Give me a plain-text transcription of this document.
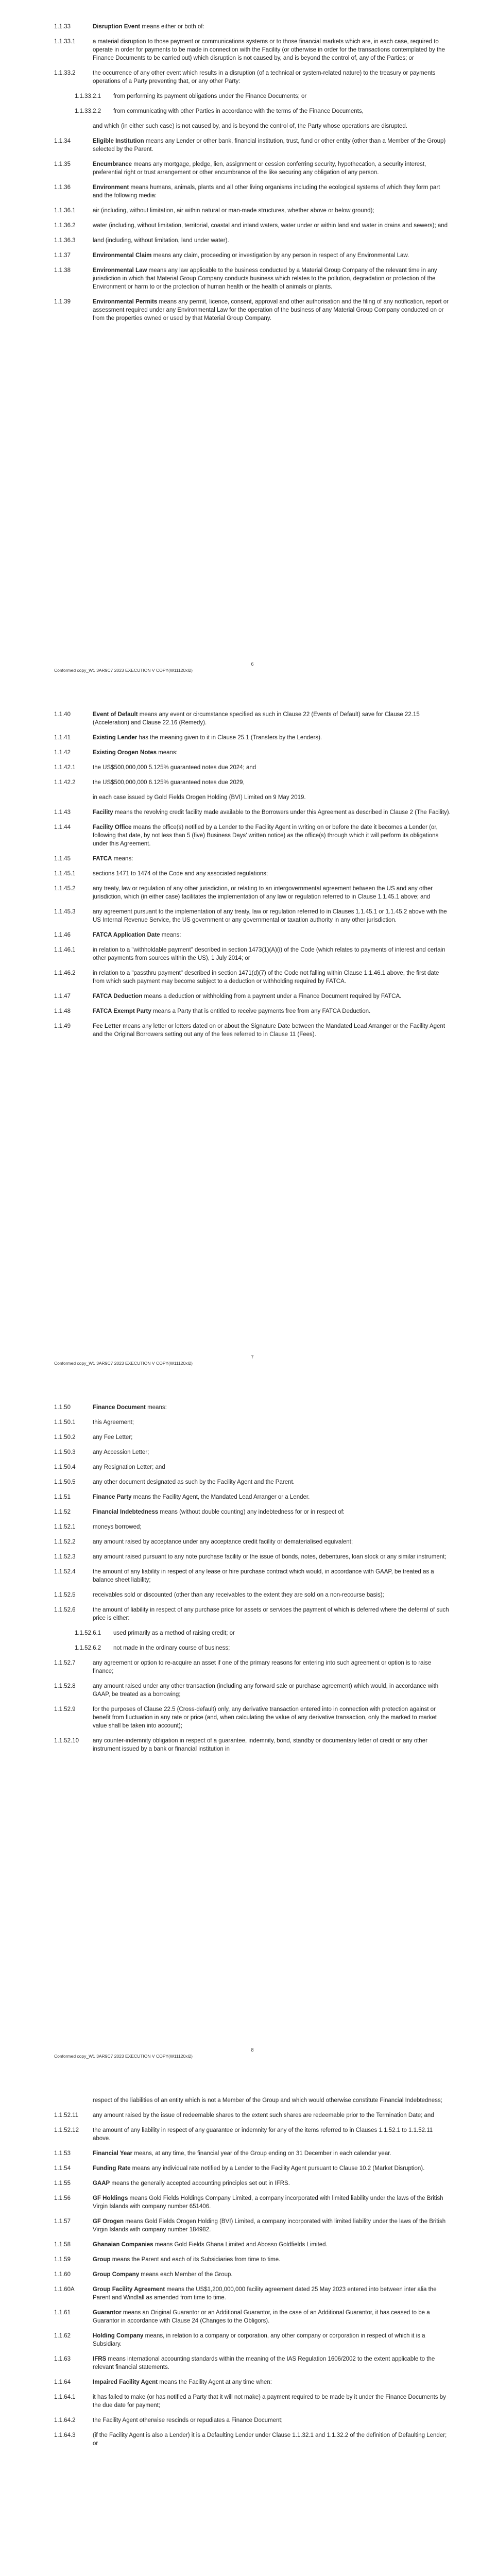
1.1.33	Disruption Event means either or both of:
1.1.33.1	a material disruption to those payment or communications systems or to those financial markets which are, in each case, required to operate in order for payments to be made in connection with the Facility (or otherwise in order for the transactions contemplated by the Finance Documents to be carried out) which disruption is not caused by, and is beyond the control of, any of the Parties; or
1.1.33.2	the occurrence of any other event which results in a disruption (of a technical or system-related nature) to the treasury or payments operations of a Party preventing that, or any other Party:
1.1.33.2.1	from performing its payment obligations under the Finance Documents; or
1.1.33.2.2	from communicating with other Parties in accordance with the terms of the Finance Documents,
and which (in either such case) is not caused by, and is beyond the control of, the Party whose operations are disrupted.
1.1.34	Eligible Institution means any Lender or other bank, financial institution, trust, fund or other entity (other than a Member of the Group) selected by the Parent.
1.1.35	Encumbrance means any mortgage, pledge, lien, assignment or cession conferring security, hypothecation, a security interest, preferential right or trust arrangement or other encumbrance of the like securing any obligation of any person.
1.1.36	Environment means humans, animals, plants and all other living organisms including the ecological systems of which they form part and the following media:
1.1.36.1	air (including, without limitation, air within natural or man-made structures, whether above or below ground);
1.1.36.2	water (including, without limitation, territorial, coastal and inland waters, water under or within land and water in drains and sewers); and
1.1.36.3	land (including, without limitation, land under water).
1.1.37	Environmental Claim means any claim, proceeding or investigation by any person in respect of any Environmental Law.
1.1.38	Environmental Law means any law applicable to the business conducted by a Material Group Company of the relevant time in any jurisdiction in which that Material Group Company conducts business which relates to the pollution, degradation or protection of the Environment or harm to or the protection of human health or the health of animals or plants.
1.1.39	Environmental Permits means any permit, licence, consent, approval and other authorisation and the filing of any notification, report or assessment required under any Environmental Law for the operation of the business of any Material Group Company conducted on or from the properties owned or used by that Material Group Company.
6
Conformed copy_W1 3AR9C7 2023 EXECUTION V COPY(W11120xl2)
1.1.40	Event of Default means any event or circumstance specified as such in Clause 22 (Events of Default) save for Clause 22.15 (Acceleration) and Clause 22.16 (Remedy).
1.1.41	Existing Lender has the meaning given to it in Clause 25.1 (Transfers by the Lenders).
1.1.42	Existing Orogen Notes means:
1.1.42.1	the US$500,000,000 5.125% guaranteed notes due 2024; and
1.1.42.2	the US$500,000,000 6.125% guaranteed notes due 2029,
in each case issued by Gold Fields Orogen Holding (BVI) Limited on 9 May 2019.
1.1.43	Facility means the revolving credit facility made available to the Borrowers under this Agreement as described in Clause 2 (The Facility).
1.1.44	Facility Office means the office(s) notified by a Lender to the Facility Agent in writing on or before the date it becomes a Lender (or, following that date, by not less than 5 (five) Business Days' written notice) as the office(s) through which it will perform its obligations under this Agreement.
1.1.45	FATCA means:
1.1.45.1	sections 1471 to 1474 of the Code and any associated regulations;
1.1.45.2	any treaty, law or regulation of any other jurisdiction, or relating to an intergovernmental agreement between the US and any other jurisdiction, which (in either case) facilitates the implementation of any law or regulation referred to in Clause 1.1.45.1 above; and
1.1.45.3	any agreement pursuant to the implementation of any treaty, law or regulation referred to in Clauses 1.1.45.1 or 1.1.45.2 above with the US Internal Revenue Service, the US government or any governmental or taxation authority in any other jurisdiction.
1.1.46	FATCA Application Date means:
1.1.46.1	in relation to a "withholdable payment" described in section 1473(1)(A)(i) of the Code (which relates to payments of interest and certain other payments from sources within the US), 1 July 2014; or
1.1.46.2	in relation to a "passthru payment" described in section 1471(d)(7) of the Code not falling within Clause 1.1.46.1 above, the first date from which such payment may become subject to a deduction or withholding required by FATCA.
1.1.47	FATCA Deduction means a deduction or withholding from a payment under a Finance Document required by FATCA.
1.1.48	FATCA Exempt Party means a Party that is entitled to receive payments free from any FATCA Deduction.
1.1.49	Fee Letter means any letter or letters dated on or about the Signature Date between the Mandated Lead Arranger or the Facility Agent and the Original Borrowers setting out any of the fees referred to in Clause 11 (Fees).
7
Conformed copy_W1 3AR9C7 2023 EXECUTION V COPY(W11120xl2)
1.1.50	Finance Document means:
1.1.50.1	this Agreement;
1.1.50.2	any Fee Letter;
1.1.50.3	any Accession Letter;
1.1.50.4	any Resignation Letter; and
1.1.50.5	any other document designated as such by the Facility Agent and the Parent.
1.1.51	Finance Party means the Facility Agent, the Mandated Lead Arranger or a Lender.
1.1.52	Financial Indebtedness means (without double counting) any indebtedness for or in respect of:
1.1.52.1	moneys borrowed;
1.1.52.2	any amount raised by acceptance under any acceptance credit facility or dematerialised equivalent;
1.1.52.3	any amount raised pursuant to any note purchase facility or the issue of bonds, notes, debentures, loan stock or any similar instrument;
1.1.52.4	the amount of any liability in respect of any lease or hire purchase contract which would, in accordance with GAAP, be treated as a balance sheet liability;
1.1.52.5	receivables sold or discounted (other than any receivables to the extent they are sold on a non-recourse basis);
1.1.52.6	the amount of liability in respect of any purchase price for assets or services the payment of which is deferred where the deferral of such price is either:
1.1.52.6.1	used primarily as a method of raising credit; or
1.1.52.6.2	not made in the ordinary course of business;
1.1.52.7	any agreement or option to re-acquire an asset if one of the primary reasons for entering into such agreement or option is to raise finance;
1.1.52.8	any amount raised under any other transaction (including any forward sale or purchase agreement) which would, in accordance with GAAP, be treated as a borrowing;
1.1.52.9	for the purposes of Clause 22.5 (Cross-default) only, any derivative transaction entered into in connection with protection against or benefit from fluctuation in any rate or price (and, when calculating the value of any derivative transaction, only the marked to market value shall be taken into account);
1.1.52.10	any counter-indemnity obligation in respect of a guarantee, indemnity, bond, standby or documentary letter of credit or any other instrument issued by a bank or financial institution in
8
Conformed copy_W1 3AR9C7 2023 EXECUTION V COPY(W11120xl2)
respect of the liabilities of an entity which is not a Member of the Group and which would otherwise constitute Financial Indebtedness;
1.1.52.11	any amount raised by the issue of redeemable shares to the extent such shares are redeemable prior to the Termination Date; and
1.1.52.12	the amount of any liability in respect of any guarantee or indemnity for any of the items referred to in Clauses 1.1.52.1 to 1.1.52.11 above.
1.1.53	Financial Year means, at any time, the financial year of the Group ending on 31 December in each calendar year.
1.1.54	Funding Rate means any individual rate notified by a Lender to the Facility Agent pursuant to Clause 10.2 (Market Disruption).
1.1.55	GAAP means the generally accepted accounting principles set out in IFRS.
1.1.56	GF Holdings means Gold Fields Holdings Company Limited, a company incorporated with limited liability under the laws of the British Virgin Islands with company number 651406.
1.1.57	GF Orogen means Gold Fields Orogen Holding (BVI) Limited, a company incorporated with limited liability under the laws of the British Virgin Islands with company number 184982.
1.1.58	Ghanaian Companies means Gold Fields Ghana Limited and Abosso Goldfields Limited.
1.1.59	Group means the Parent and each of its Subsidiaries from time to time.
1.1.60	Group Company means each Member of the Group.
1.1.60A	Group Facility Agreement means the US$1,200,000,000 facility agreement dated 25 May 2023 entered into between inter alia the Parent and Windfall as amended from time to time.
1.1.61	Guarantor means an Original Guarantor or an Additional Guarantor, in the case of an Additional Guarantor, it has ceased to be a Guarantor in accordance with Clause 24 (Changes to the Obligors).
1.1.62	Holding Company means, in relation to a company or corporation, any other company or corporation in respect of which it is a Subsidiary.
1.1.63	IFRS means international accounting standards within the meaning of the IAS Regulation 1606/2002 to the extent applicable to the relevant financial statements.
1.1.64	Impaired Facility Agent means the Facility Agent at any time when:
1.1.64.1	it has failed to make (or has notified a Party that it will not make) a payment required to be made by it under the Finance Documents by the due date for payment;
1.1.64.2	the Facility Agent otherwise rescinds or repudiates a Finance Document;
1.1.64.3	(if the Facility Agent is also a Lender) it is a Defaulting Lender under Clause 1.1.32.1 and 1.1.32.2 of the definition of Defaulting Lender; or
